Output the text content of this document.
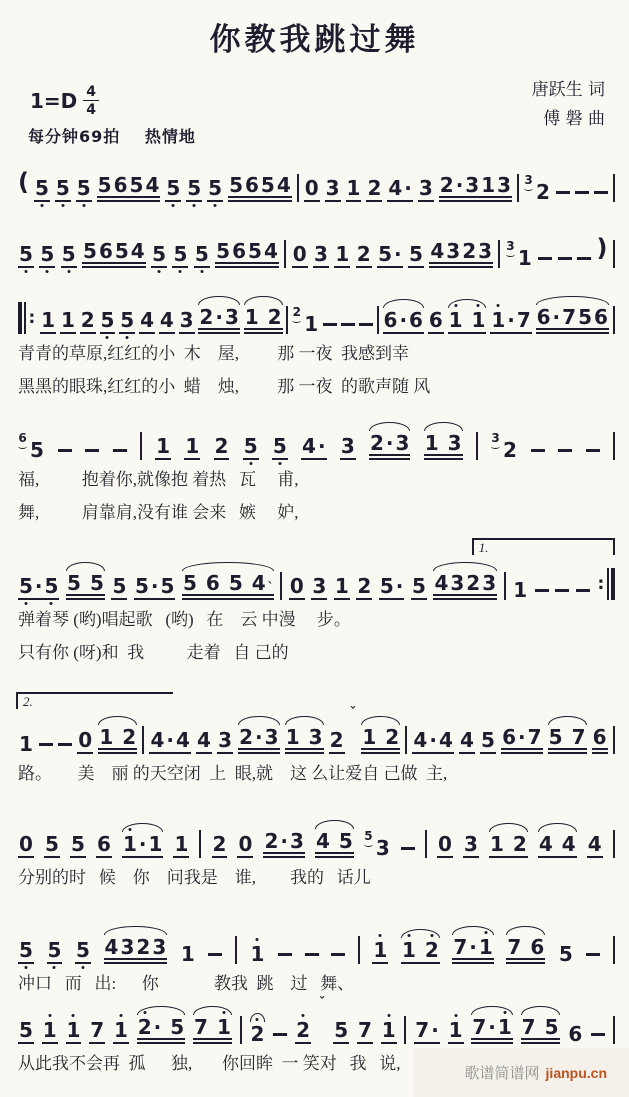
你教我跳过舞
$1=D \frac{4}{4}$
每分钟69拍 热情地
唐跃生 词
傅 磐 曲
( 5 5 5 5 6 5 4 5 5 5 5 6 5 4 0 3 1 2 4 · 3 2 · 3 1 3 3 2
5 5 5 5 6 5 4 5 5 5 5 6 5 4 0 3 1 2 5 · 5 4 3 2 3 3 1	)
: 1 1 2 5 5 4 4 3 2 · 3 1 2 2 1	6 · 6 6 1 1 1 · 7 6 · 7 5 6
青青的草原,红红的小  木    屋,         那 一夜  我感到幸
黑黑的眼珠,红红的小  蜡    烛,         那 一夜  的歌声随 风
6 5	1 1 2 5 5 4 · 3 2 · 3 1 3 3 2
福,          抱着你,就像抱 着热   瓦     甫,
舞,          肩靠肩,没有谁 会来   嫉     妒,
5 · 5 5 5 5 5 · 5 5 6 5 4 ˋ 0 3 1 2 5 · 5 4 3 2 3 1	:
1.
弹着琴 (哟)唱起歌   (哟)   在    云 中漫     步。
只有你 (呀)和  我          走着   自 己的
1 0 1 2 4 · 4 4 3 2 · 3 1 3 2
ˇ
1 2 4 · 4 4 5 6 · 7 5 7 6
2.
路。      美    丽 的天空闭  上  眼,就    这 么让爱自 己做  主,
0 5 5 6 1 · 1 1 2 0 2 · 3 4 5 5 3 0 3 1 2 4 4 4
分别的时   候    你    问我是    谁,        我的   话儿
5 5 5 4 3 2 3 1	1	1 1 2 7 · 1 7 6 5
冲口   而   出:      你             教我  跳    过   舞、
5 1 1 7 1 2 · 5 7 1 2 2
ˇ
5 7 1 7 · 1 7 · 1 7 5 6
从此我不会再  孤      独,       你回眸  一 笑对   我   说,
歌谱简谱网 jianpu.cn
